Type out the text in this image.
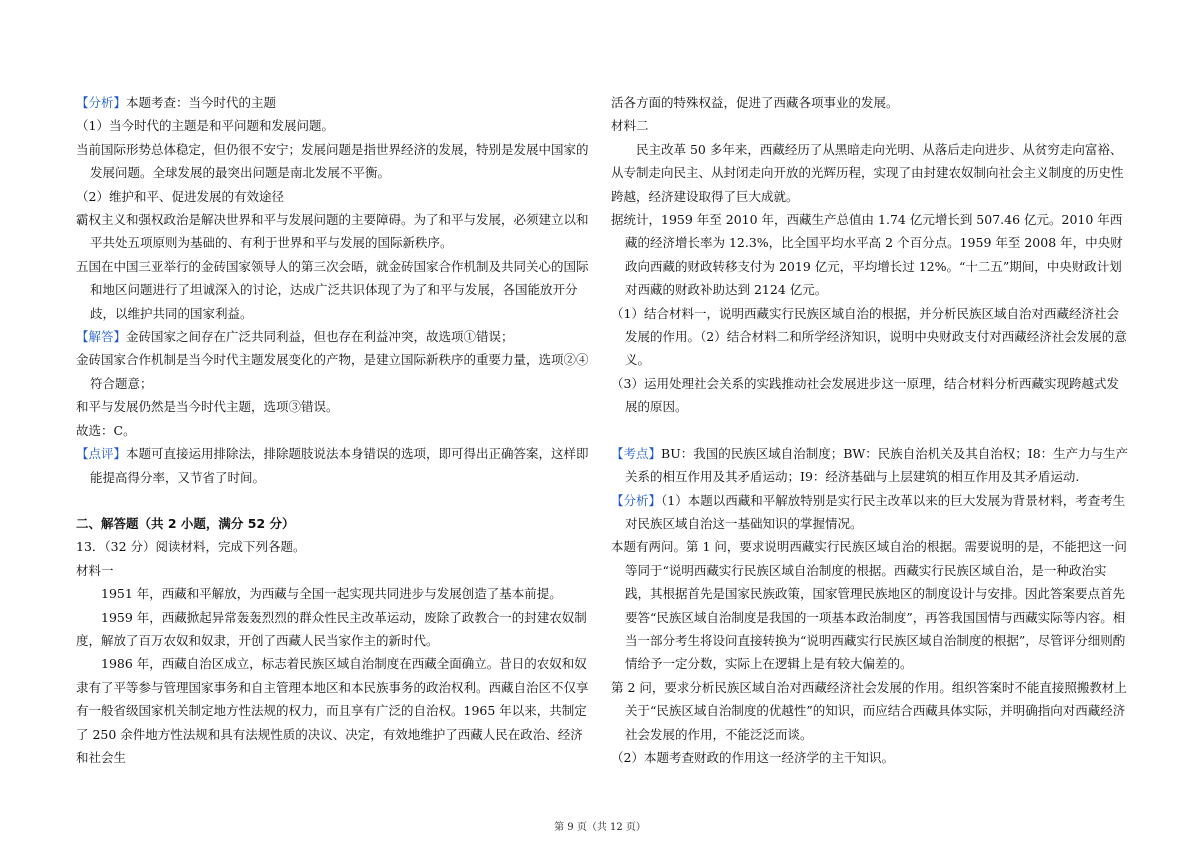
【分析】本题考查：当今时代的主题

（1）当今时代的主题是和平问题和发展问题。

当前国际形势总体稳定，但仍很不安宁；发展问题是指世界经济的发展，特别是发展中国家的发展问题。全球发展的最突出问题是南北发展不平衡。

（2）维护和平、促进发展的有效途径

霸权主义和强权政治是解决世界和平与发展问题的主要障碍。为了和平与发展，必须建立以和平共处五项原则为基础的、有利于世界和平与发展的国际新秩序。

五国在中国三亚举行的金砖国家领导人的第三次会晤，就金砖国家合作机制及共同关心的国际和地区问题进行了坦诚深入的讨论，达成广泛共识体现了为了和平与发展，各国能放开分歧，以维护共同的国家利益。

【解答】金砖国家之间存在广泛共同利益，但也存在利益冲突，故选项①错误；

金砖国家合作机制是当今时代主题发展变化的产物，是建立国际新秩序的重要力量，选项②④符合题意；

和平与发展仍然是当今时代主题，选项③错误。

故选：C。

【点评】本题可直接运用排除法，排除题肢说法本身错误的选项，即可得出正确答案，这样即能提高得分率，又节省了时间。

二、解答题（共 2 小题，满分 52 分）

13．（32 分）阅读材料，完成下列各题。

材料一

1951 年，西藏和平解放，为西藏与全国一起实现共同进步与发展创造了基本前提。

1959 年，西藏掀起异常轰轰烈烈的群众性民主改革运动，废除了政教合一的封建农奴制度，解放了百万农奴和奴隶，开创了西藏人民当家作主的新时代。

1986 年，西藏自治区成立，标志着民族区域自治制度在西藏全面确立。昔日的农奴和奴隶有了平等参与管理国家事务和自主管理本地区和本民族事务的政治权利。西藏自治区不仅享有一般省级国家机关制定地方性法规的权力，而且享有广泛的自治权。1965 年以来，共制定了 250 余件地方性法规和具有法规性质的决议、决定，有效地维护了西藏人民在政治、经济和社会生

活各方面的特殊权益，促进了西藏各项事业的发展。

材料二

民主改革 50 多年来，西藏经历了从黑暗走向光明、从落后走向进步、从贫穷走向富裕、从专制走向民主、从封闭走向开放的光辉历程，实现了由封建农奴制向社会主义制度的历史性跨越，经济建设取得了巨大成就。

据统计，1959 年至 2010 年，西藏生产总值由 1.74 亿元增长到 507.46 亿元。2010 年西藏的经济增长率为 12.3%，比全国平均水平高 2 个百分点。1959 年至 2008 年，中央财政向西藏的财政转移支付为 2019 亿元，平均增长过 12%。“十二五”期间，中央财政计划对西藏的财政补助达到 2124 亿元。

（1）结合材料一，说明西藏实行民族区域自治的根据，并分析民族区域自治对西藏经济社会发展的作用。（2）结合材料二和所学经济知识，说明中央财政支付对西藏经济社会发展的意义。

（3）运用处理社会关系的实践推动社会发展进步这一原理，结合材料分析西藏实现跨越式发展的原因。

【考点】BU：我国的民族区域自治制度；BW：民族自治机关及其自治权；I8：生产力与生产关系的相互作用及其矛盾运动；I9：经济基础与上层建筑的相互作用及其矛盾运动.

【分析】（1）本题以西藏和平解放特别是实行民主改革以来的巨大发展为背景材料，考查考生对民族区域自治这一基础知识的掌握情况。

本题有两问。第 1 问，要求说明西藏实行民族区域自治的根据。需要说明的是，不能把这一问等同于“说明西藏实行民族区域自治制度的根据。西藏实行民族区域自治，是一种政治实践，其根据首先是国家民族政策，国家管理民族地区的制度设计与安排。因此答案要点首先要答“民族区域自治制度是我国的一项基本政治制度”，再答我国国情与西藏实际等内容。相当一部分考生将设问直接转换为“说明西藏实行民族区域自治制度的根据”，尽管评分细则酌情给予一定分数，实际上在逻辑上是有较大偏差的。

第 2 问，要求分析民族区域自治对西藏经济社会发展的作用。组织答案时不能直接照搬教材上关于“民族区域自治制度的优越性”的知识，而应结合西藏具体实际，并明确指向对西藏经济社会发展的作用，不能泛泛而谈。

（2）本题考查财政的作用这一经济学的主干知识。

第 9 页（共 12 页）
